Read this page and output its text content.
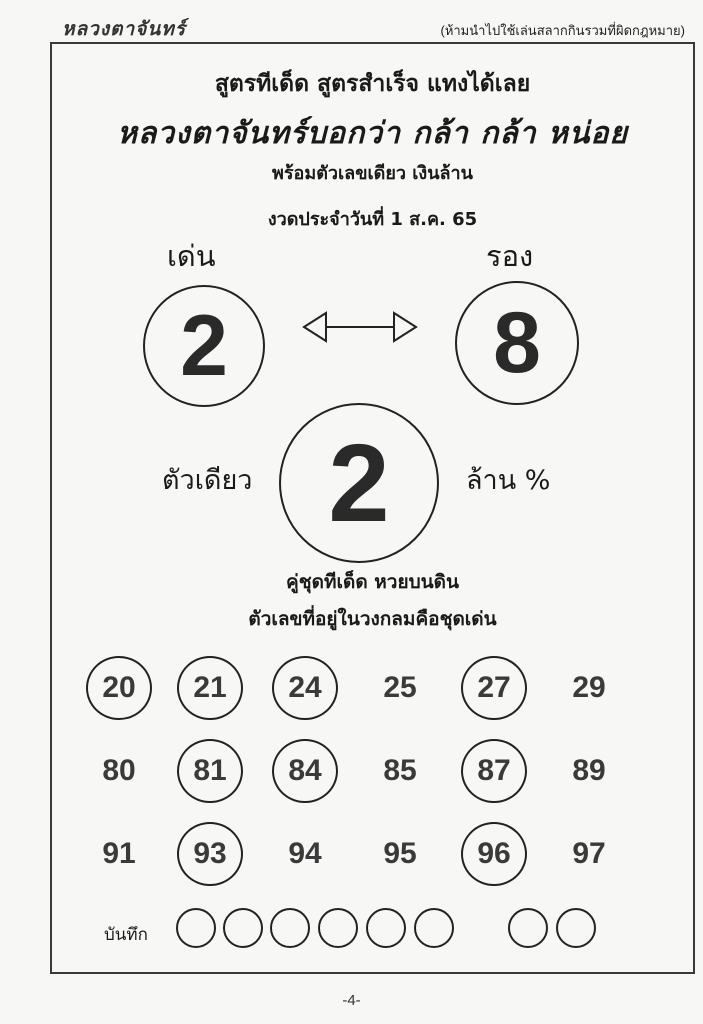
หลวงตาจันทร์	(ห้ามนำไปใช้เล่นสลากกินรวมที่ผิดกฎหมาย)
สูตรทีเด็ด สูตรสำเร็จ แทงได้เลย
หลวงตาจันทร์บอกว่า กล้า กล้า หน่อย
พร้อมตัวเลขเดียว เงินล้าน
งวดประจำวันที่ 1 ส.ค. 65
เด่น	รอง
2	8
ตัวเดียว 2	ล้าน %
คู่ชุดทีเด็ด หวยบนดิน
ตัวเลขที่อยู่ในวงกลมคือชุดเด่น
20	21	24	25	27	29
80	81	84	85	87	89
91	93	94	95	96	97
บันทึก
-4-
